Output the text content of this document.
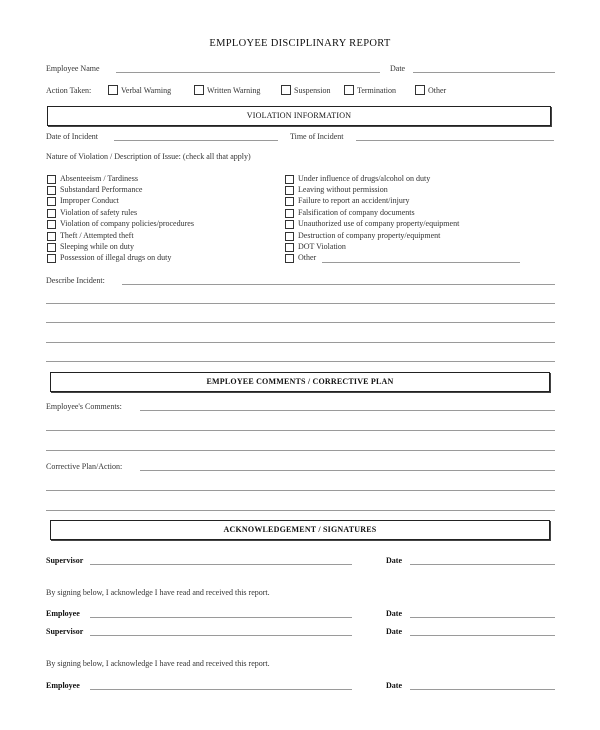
EMPLOYEE DISCIPLINARY REPORT
Employee Name	Date
Action Taken:	Verbal Warning	Written Warning	Suspension	Termination	Other
VIOLATION INFORMATION
Date of Incident	Time of Incident
Nature of Violation / Description of Issue: (check all that apply)
Absenteeism / Tardiness
Substandard Performance
Improper Conduct
Violation of safety rules
Violation of company policies/procedures
Theft / Attempted theft
Sleeping while on duty
Possession of illegal drugs on duty
Under influence of drugs/alcohol on duty
Leaving without permission
Failure to report an accident/injury
Falsification of company documents
Unauthorized use of company property/equipment
Destruction of company property/equipment
DOT Violation
Other
Describe Incident:
EMPLOYEE COMMENTS / CORRECTIVE PLAN
Employee's Comments:
Corrective Plan/Action:
ACKNOWLEDGEMENT / SIGNATURES
Supervisor	Date
By signing below, I acknowledge I have read and received this report.
Employee	Date
Supervisor	Date
By signing below, I acknowledge I have read and received this report.
Employee	Date
